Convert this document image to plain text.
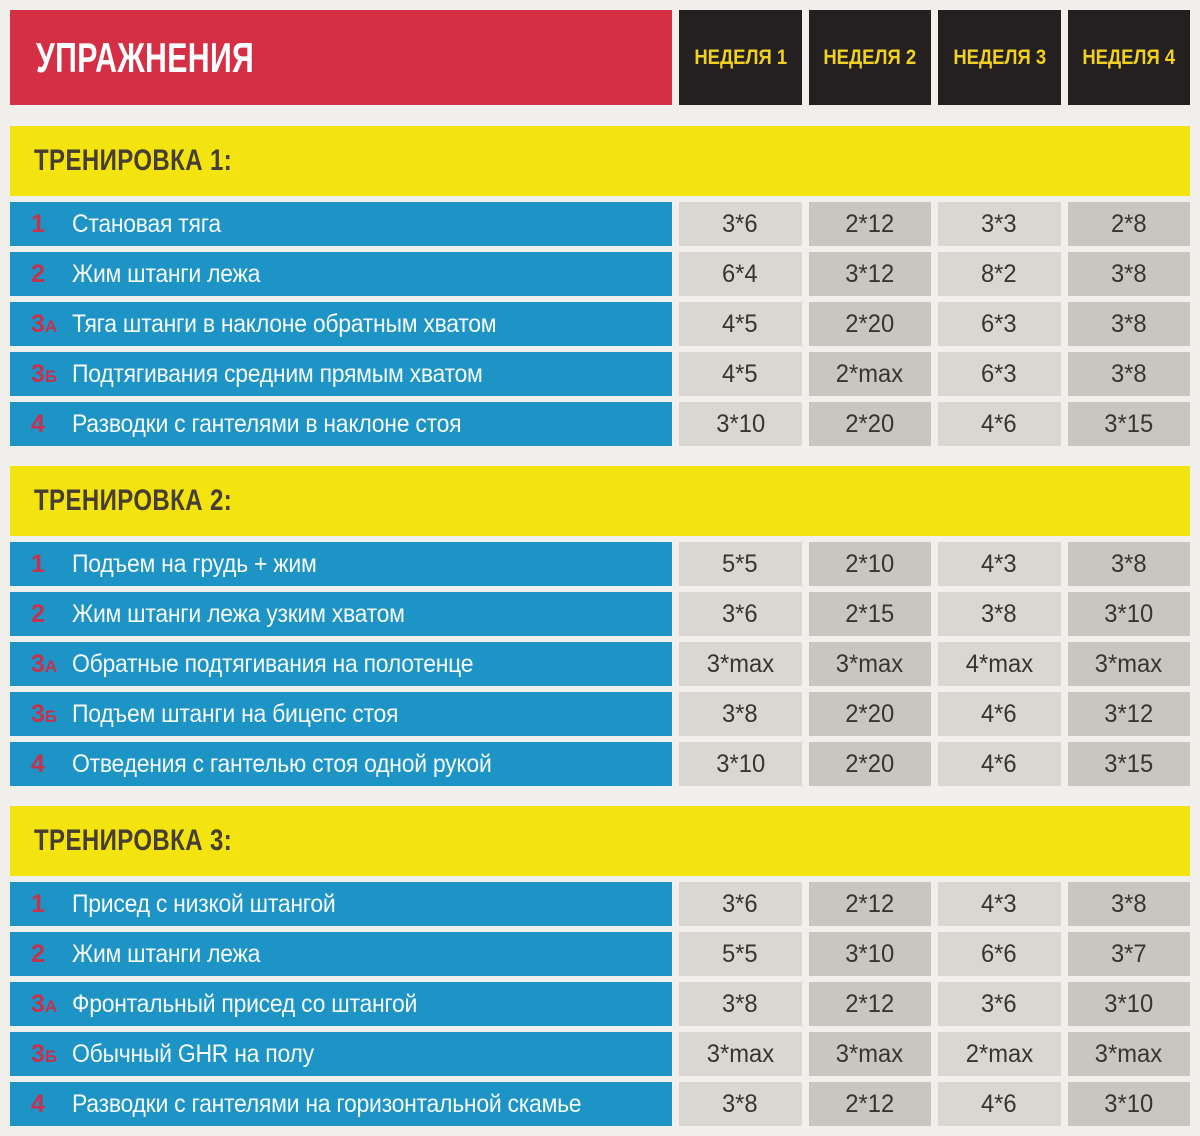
УПРАЖНЕНИЯ	НЕДЕЛЯ 1 НЕДЕЛЯ 2 НЕДЕЛЯ 3 НЕДЕЛЯ 4
ТРЕНИРОВКА 1:
1	Становая тяга	3*6	2*12	3*3	2*8
2	Жим штанги лежа	6*4	3*12	8*2	3*8
3А Тяга штанги в наклоне обратным хватом	4*5	2*20	6*3	3*8
3Б Подтягивания средним прямым хватом	4*5	2*max	6*3	3*8
4	Разводки с гантелями в наклоне стоя	3*10	2*20	4*6	3*15
ТРЕНИРОВКА 2:
1	Подъем на грудь + жим	5*5	2*10	4*3	3*8
2	Жим штанги лежа узким хватом	3*6	2*15	3*8	3*10
3А Обратные подтягивания на полотенце	3*max 3*max 4*max 3*max
3Б Подъем штанги на бицепс стоя	3*8	2*20	4*6	3*12
4	Отведения с гантелью стоя одной рукой	3*10	2*20	4*6	3*15
ТРЕНИРОВКА 3:
1	Присед с низкой штангой	3*6	2*12	4*3	3*8
2	Жим штанги лежа	5*5	3*10	6*6	3*7
3А Фронтальный присед со штангой	3*8	2*12	3*6	3*10
3Б Обычный GHR на полу	3*max 3*max 2*max 3*max
4	Разводки с гантелями на горизонтальной скамье	3*8	2*12	4*6	3*10
